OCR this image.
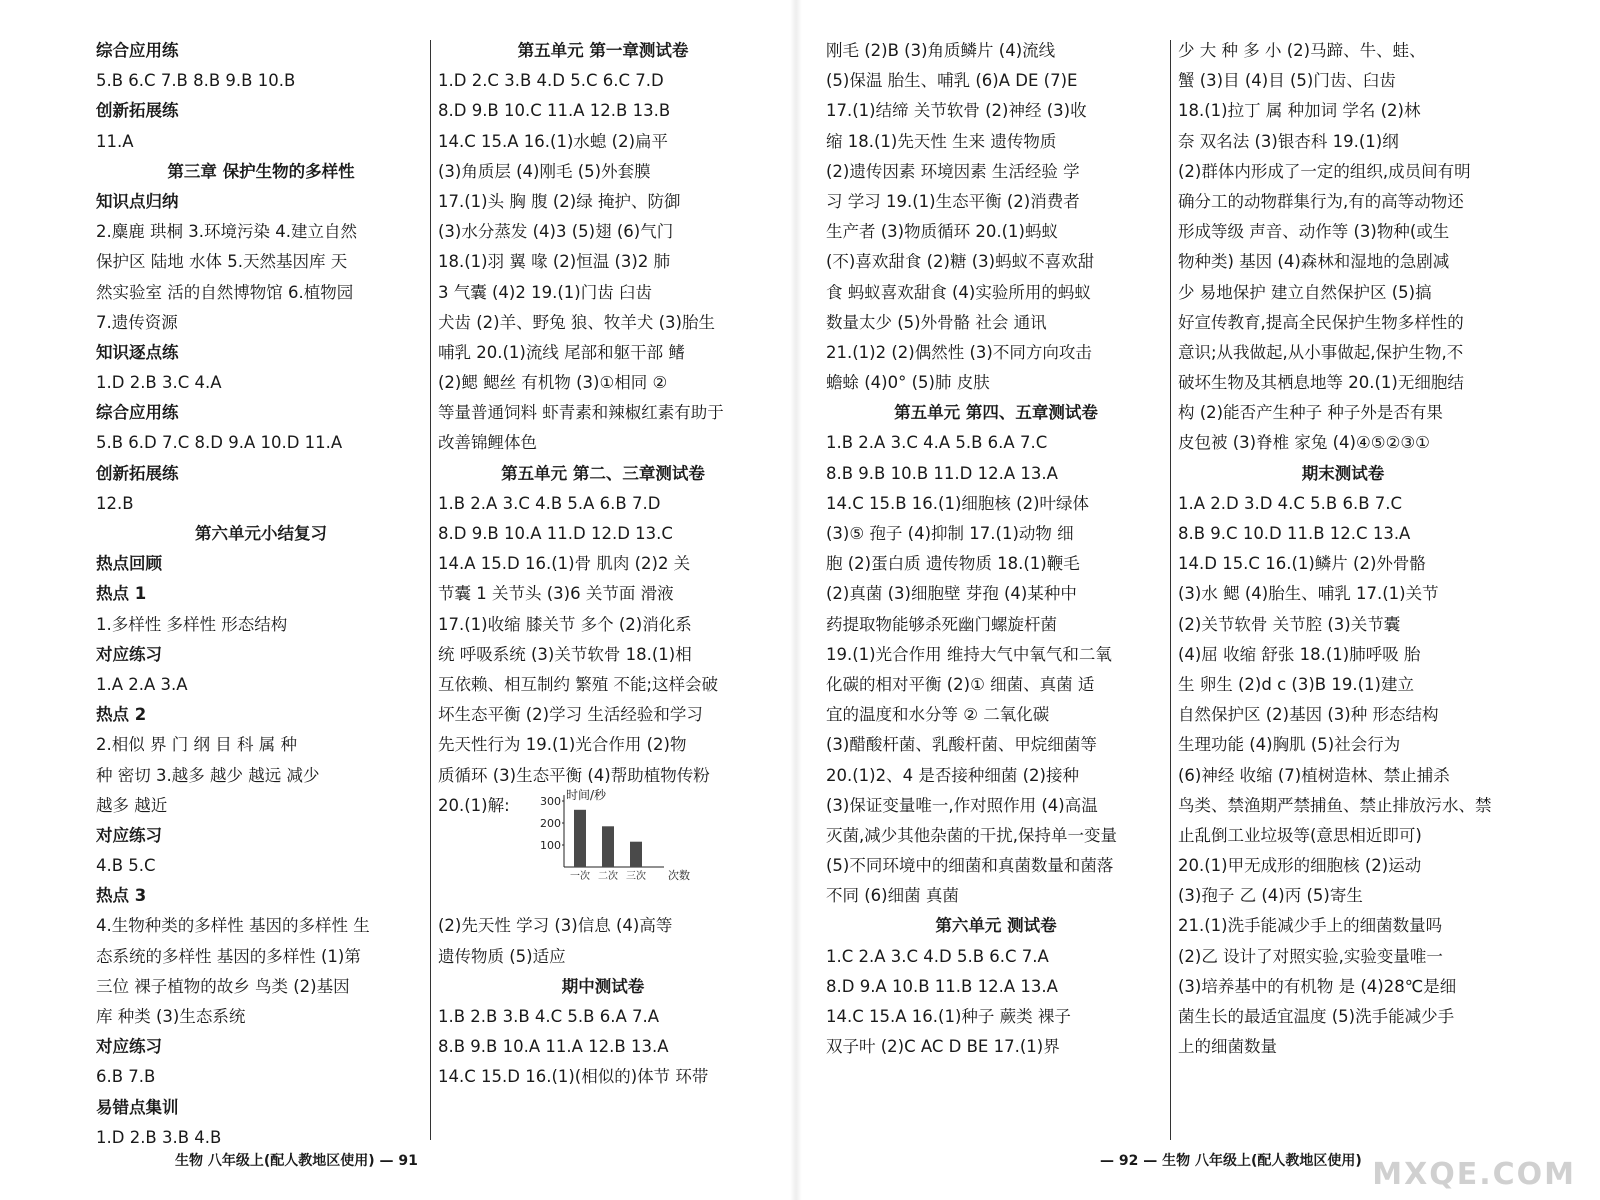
综合应用练
5.B 6.C 7.B 8.B 9.B 10.B
创新拓展练
11.A
第三章 保护生物的多样性
知识点归纳
2.麋鹿 珙桐 3.环境污染 4.建立自然
保护区 陆地 水体 5.天然基因库 天
然实验室 活的自然博物馆 6.植物园
7.遗传资源
知识逐点练
1.D 2.B 3.C 4.A
综合应用练
5.B 6.D 7.C 8.D 9.A 10.D 11.A
创新拓展练
12.B
第六单元小结复习
热点回顾
热点 1
1.多样性 多样性 形态结构
对应练习
1.A 2.A 3.A
热点 2
2.相似 界 门 纲 目 科 属 种
种 密切 3.越多 越少 越远 减少
越多 越近
对应练习
4.B 5.C
热点 3
4.生物种类的多样性 基因的多样性 生
态系统的多样性 基因的多样性 (1)第
三位 裸子植物的故乡 鸟类 (2)基因
库 种类 (3)生态系统
对应练习
6.B 7.B
易错点集训
1.D 2.B 3.B 4.B
第五单元 第一章测试卷
1.D 2.C 3.B 4.D 5.C 6.C 7.D
8.D 9.B 10.C 11.A 12.B 13.B
14.C 15.A 16.(1)水螅 (2)扁平
(3)角质层 (4)刚毛 (5)外套膜
17.(1)头 胸 腹 (2)绿 掩护、防御
(3)水分蒸发 (4)3 (5)翅 (6)气门
18.(1)羽 翼 喙 (2)恒温 (3)2 肺
3 气囊 (4)2 19.(1)门齿 臼齿
犬齿 (2)羊、野兔 狼、牧羊犬 (3)胎生
哺乳 20.(1)流线 尾部和躯干部 鳍
(2)鳃 鳃丝 有机物 (3)①相同 ②
等量普通饲料 虾青素和辣椒红素有助于
改善锦鲤体色
第五单元 第二、三章测试卷
1.B 2.A 3.C 4.B 5.A 6.B 7.D
8.D 9.B 10.A 11.D 12.D 13.C
14.A 15.D 16.(1)骨 肌肉 (2)2 关
节囊 1 关节头 (3)6 关节面 滑液
17.(1)收缩 膝关节 多个 (2)消化系
统 呼吸系统 (3)关节软骨 18.(1)相
互依赖、相互制约 繁殖 不能;这样会破
坏生态平衡 (2)学习 生活经验和学习
先天性行为 19.(1)光合作用 (2)物
质循环 (3)生态平衡 (4)帮助植物传粉
20.(1)解:
时间/秒
300
200
100
一次 二次 三次 次数
(2)先天性 学习 (3)信息 (4)高等
遗传物质 (5)适应
期中测试卷
1.B 2.B 3.B 4.C 5.B 6.A 7.A
8.B 9.B 10.A 11.A 12.B 13.A
14.C 15.D 16.(1)(相似的)体节 环带
刚毛 (2)B (3)角质鳞片 (4)流线
(5)保温 胎生、哺乳 (6)A DE (7)E
17.(1)结缔 关节软骨 (2)神经 (3)收
缩 18.(1)先天性 生来 遗传物质
(2)遗传因素 环境因素 生活经验 学
习 学习 19.(1)生态平衡 (2)消费者
生产者 (3)物质循环 20.(1)蚂蚁
(不)喜欢甜食 (2)糖 (3)蚂蚁不喜欢甜
食 蚂蚁喜欢甜食 (4)实验所用的蚂蚁
数量太少 (5)外骨骼 社会 通讯
21.(1)2 (2)偶然性 (3)不同方向攻击
蟾蜍 (4)0° (5)肺 皮肤
第五单元 第四、五章测试卷
1.B 2.A 3.C 4.A 5.B 6.A 7.C
8.B 9.B 10.B 11.D 12.A 13.A
14.C 15.B 16.(1)细胞核 (2)叶绿体
(3)⑤ 孢子 (4)抑制 17.(1)动物 细
胞 (2)蛋白质 遗传物质 18.(1)鞭毛
(2)真菌 (3)细胞壁 芽孢 (4)某种中
药提取物能够杀死幽门螺旋杆菌
19.(1)光合作用 维持大气中氧气和二氧
化碳的相对平衡 (2)① 细菌、真菌 适
宜的温度和水分等 ② 二氧化碳
(3)醋酸杆菌、乳酸杆菌、甲烷细菌等
20.(1)2、4 是否接种细菌 (2)接种
(3)保证变量唯一,作对照作用 (4)高温
灭菌,减少其他杂菌的干扰,保持单一变量
(5)不同环境中的细菌和真菌数量和菌落
不同 (6)细菌 真菌
第六单元 测试卷
1.C 2.A 3.C 4.D 5.B 6.C 7.A
8.D 9.A 10.B 11.B 12.A 13.A
14.C 15.A 16.(1)种子 蕨类 裸子
双子叶 (2)C AC D BE 17.(1)界
少 大 种 多 小 (2)马蹄、牛、蛙、
蟹 (3)目 (4)目 (5)门齿、臼齿
18.(1)拉丁 属 种加词 学名 (2)林
奈 双名法 (3)银杏科 19.(1)纲
(2)群体内形成了一定的组织,成员间有明
确分工的动物群集行为,有的高等动物还
形成等级 声音、动作等 (3)物种(或生
物种类) 基因 (4)森林和湿地的急剧减
少 易地保护 建立自然保护区 (5)搞
好宣传教育,提高全民保护生物多样性的
意识;从我做起,从小事做起,保护生物,不
破坏生物及其栖息地等 20.(1)无细胞结
构 (2)能否产生种子 种子外是否有果
皮包被 (3)脊椎 家兔 (4)④⑤②③①
期末测试卷
1.A 2.D 3.D 4.C 5.B 6.B 7.C
8.B 9.C 10.D 11.B 12.C 13.A
14.D 15.C 16.(1)鳞片 (2)外骨骼
(3)水 鳃 (4)胎生、哺乳 17.(1)关节
(2)关节软骨 关节腔 (3)关节囊
(4)屈 收缩 舒张 18.(1)肺呼吸 胎
生 卵生 (2)d c (3)B 19.(1)建立
自然保护区 (2)基因 (3)种 形态结构
生理功能 (4)胸肌 (5)社会行为
(6)神经 收缩 (7)植树造林、禁止捕杀
鸟类、禁渔期严禁捕鱼、禁止排放污水、禁
止乱倒工业垃圾等(意思相近即可)
20.(1)甲无成形的细胞核 (2)运动
(3)孢子 乙 (4)丙 (5)寄生
21.(1)洗手能减少手上的细菌数量吗
(2)乙 设计了对照实验,实验变量唯一
(3)培养基中的有机物 是 (4)28℃是细
菌生长的最适宜温度 (5)洗手能减少手
上的细菌数量
生物 八年级上(配人教地区使用) — 91	— 92 — 生物 八年级上(配人教地区使用) MXQE.COM
